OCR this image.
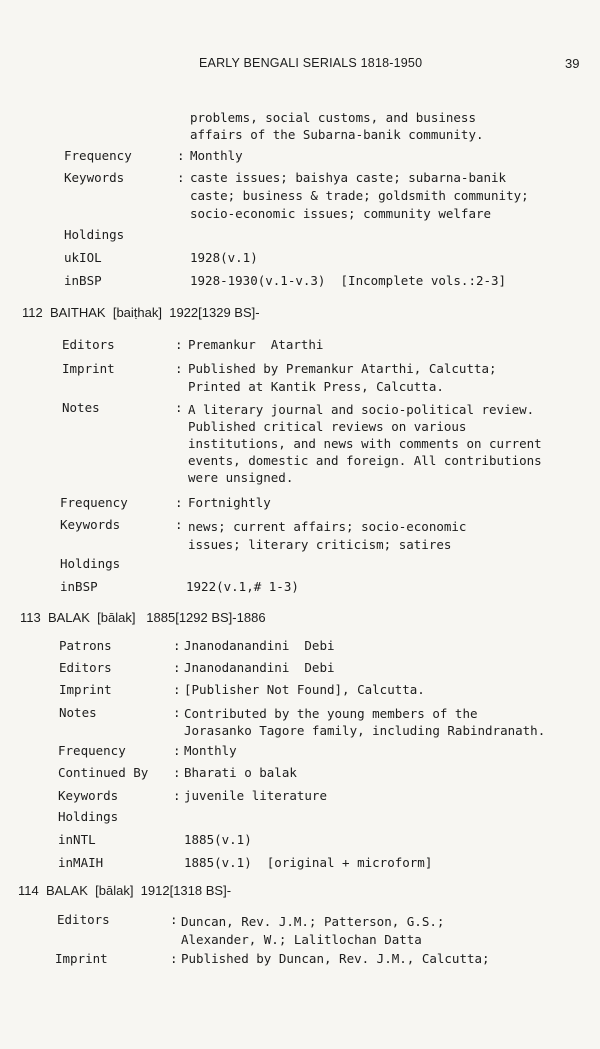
EARLY BENGALI SERIALS 1818-1950	39
problems, social customs, and business
affairs of the Subarna-banik community.
Frequency	: Monthly
Keywords	: caste issues; baishya caste; subarna-banik
caste; business & trade; goldsmith community;
socio-economic issues; community welfare
Holdings
ukIOL	1928(v.1)
inBSP	1928-1930(v.1-v.3)  [Incomplete vols.:2-3]
112 BAITHAK [baiṭhak] 1922[1329 BS]-
Editors	: Premankur  Atarthi
Imprint	: Published by Premankur Atarthi, Calcutta;
Printed at Kantik Press, Calcutta.
Notes	: A literary journal and socio-political review.
Published critical reviews on various
institutions, and news with comments on current
events, domestic and foreign. All contributions
were unsigned.
Frequency	: Fortnightly
Keywords	: news; current affairs; socio-economic
issues; literary criticism; satires
Holdings
inBSP	1922(v.1,# 1-3)
113 BALAK [bālak] 1885[1292 BS]-1886
Patrons	: Jnanodanandini  Debi
Editors	: Jnanodanandini  Debi
Imprint	: [Publisher Not Found], Calcutta.
Notes	: Contributed by the young members of the
Jorasanko Tagore family, including Rabindranath.
Frequency	: Monthly
Continued By : Bharati o balak
Keywords	: juvenile literature
Holdings
inNTL	1885(v.1)
inMAIH	1885(v.1)  [original + microform]
114 BALAK [bālak] 1912[1318 BS]-
Editors	: Duncan, Rev. J.M.; Patterson, G.S.;
Alexander, W.; Lalitlochan Datta
Imprint	: Published by Duncan, Rev. J.M., Calcutta;
